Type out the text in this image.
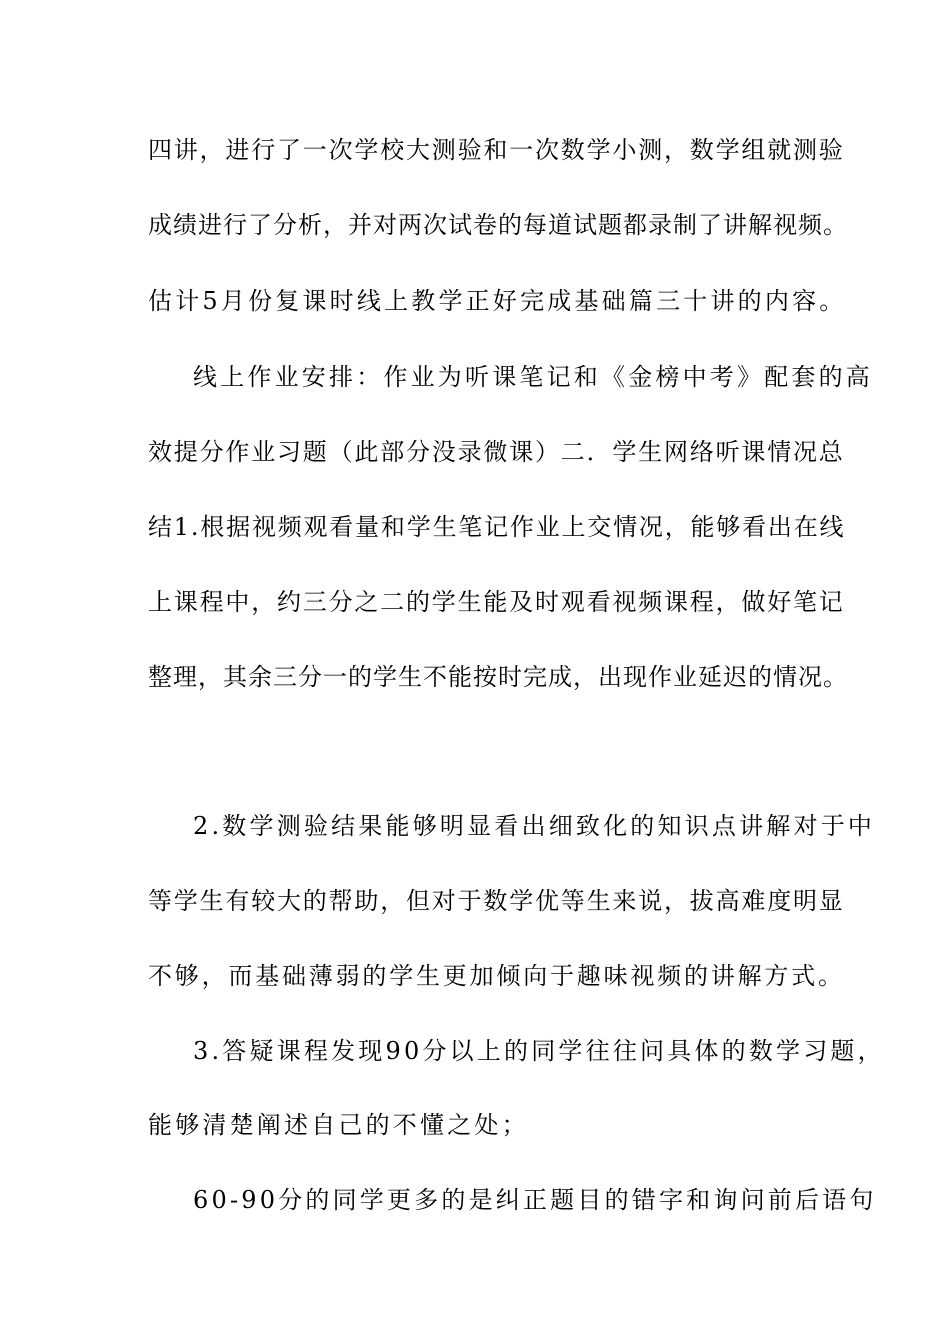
四讲，进行了一次学校大测验和一次数学小测，数学组就测验
成绩进行了分析，并对两次试卷的每道试题都录制了讲解视频。
估计5月份复课时线上教学正好完成基础篇三十讲的内容。
线上作业安排：作业为听课笔记和《金榜中考》配套的高
效提分作业习题（此部分没录微课）二．学生网络听课情况总
结1.根据视频观看量和学生笔记作业上交情况，能够看出在线
上课程中，约三分之二的学生能及时观看视频课程，做好笔记
整理，其余三分一的学生不能按时完成，出现作业延迟的情况。
2.数学测验结果能够明显看出细致化的知识点讲解对于中
等学生有较大的帮助，但对于数学优等生来说，拔高难度明显
不够，而基础薄弱的学生更加倾向于趣味视频的讲解方式。
3.答疑课程发现90分以上的同学往往问具体的数学习题，
能够清楚阐述自己的不懂之处；
60-90分的同学更多的是纠正题目的错字和询问前后语句
